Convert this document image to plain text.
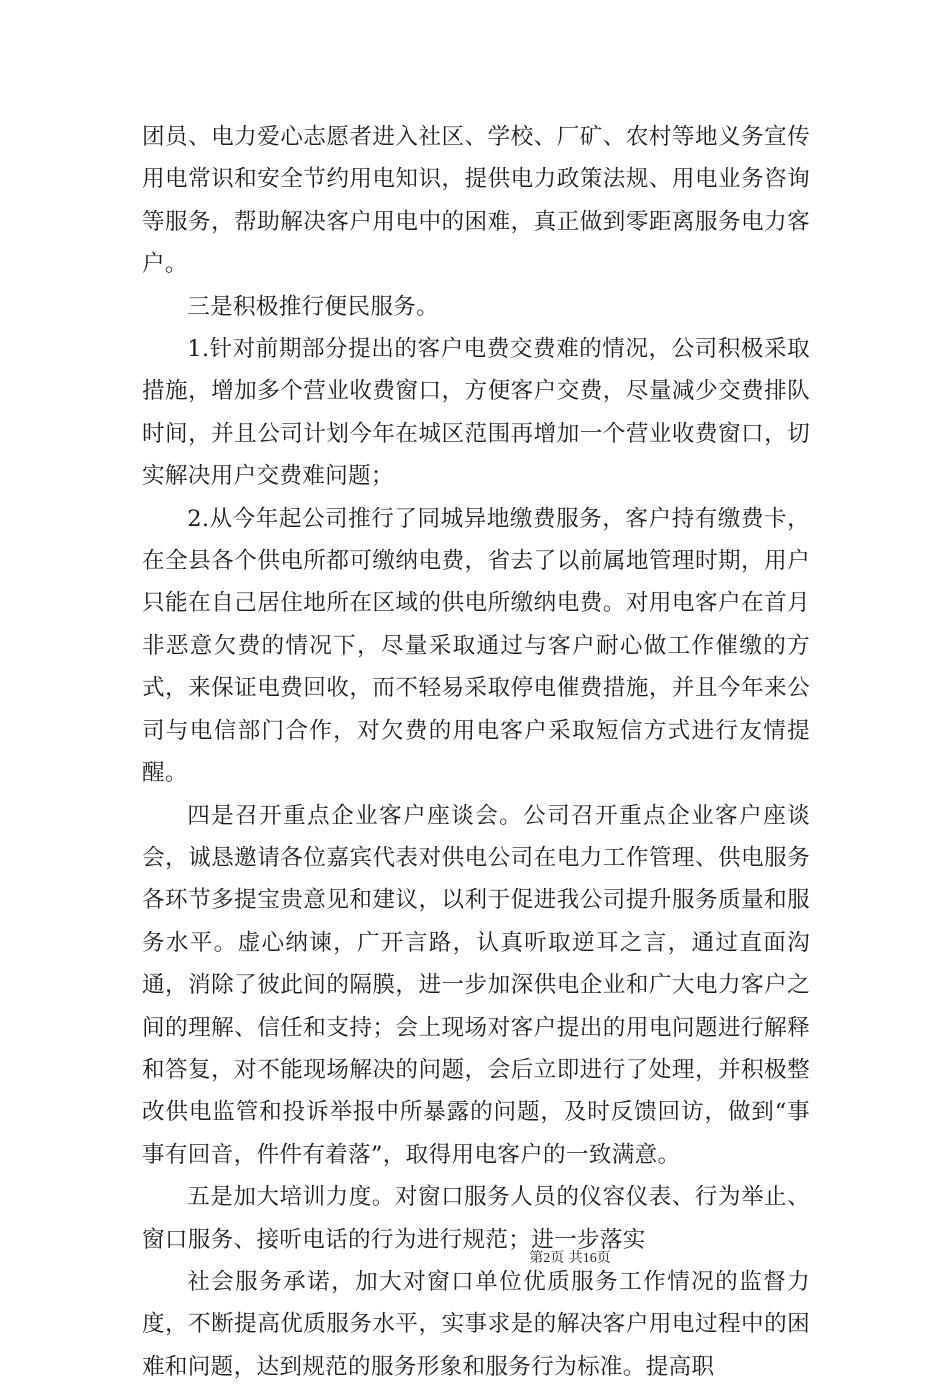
团员、电力爱心志愿者进入社区、学校、厂矿、农村等地义务宣传用电常识和安全节约用电知识，提供电力政策法规、用电业务咨询等服务，帮助解决客户用电中的困难，真正做到零距离服务电力客户。

三是积极推行便民服务。

1.针对前期部分提出的客户电费交费难的情况，公司积极采取措施，增加多个营业收费窗口，方便客户交费，尽量减少交费排队时间，并且公司计划今年在城区范围再增加一个营业收费窗口，切实解决用户交费难问题；

2.从今年起公司推行了同城异地缴费服务，客户持有缴费卡，在全县各个供电所都可缴纳电费，省去了以前属地管理时期，用户只能在自己居住地所在区域的供电所缴纳电费。对用电客户在首月非恶意欠费的情况下，尽量采取通过与客户耐心做工作催缴的方式，来保证电费回收，而不轻易采取停电催费措施，并且今年来公司与电信部门合作，对欠费的用电客户采取短信方式进行友情提醒。

四是召开重点企业客户座谈会。公司召开重点企业客户座谈会，诚恳邀请各位嘉宾代表对供电公司在电力工作管理、供电服务各环节多提宝贵意见和建议，以利于促进我公司提升服务质量和服务水平。虚心纳谏，广开言路，认真听取逆耳之言，通过直面沟通，消除了彼此间的隔膜，进一步加深供电企业和广大电力客户之间的理解、信任和支持；会上现场对客户提出的用电问题进行解释和答复，对不能现场解决的问题，会后立即进行了处理，并积极整改供电监管和投诉举报中所暴露的问题，及时反馈回访，做到“事事有回音，件件有着落”，取得用电客户的一致满意。

五是加大培训力度。对窗口服务人员的仪容仪表、行为举止、窗口服务、接听电话的行为进行规范；进一步落实

社会服务承诺，加大对窗口单位优质服务工作情况的监督力度，不断提高优质服务水平，实事求是的解决客户用电过程中的困难和问题，达到规范的服务形象和服务行为标准。提高职

第2页 共16页
